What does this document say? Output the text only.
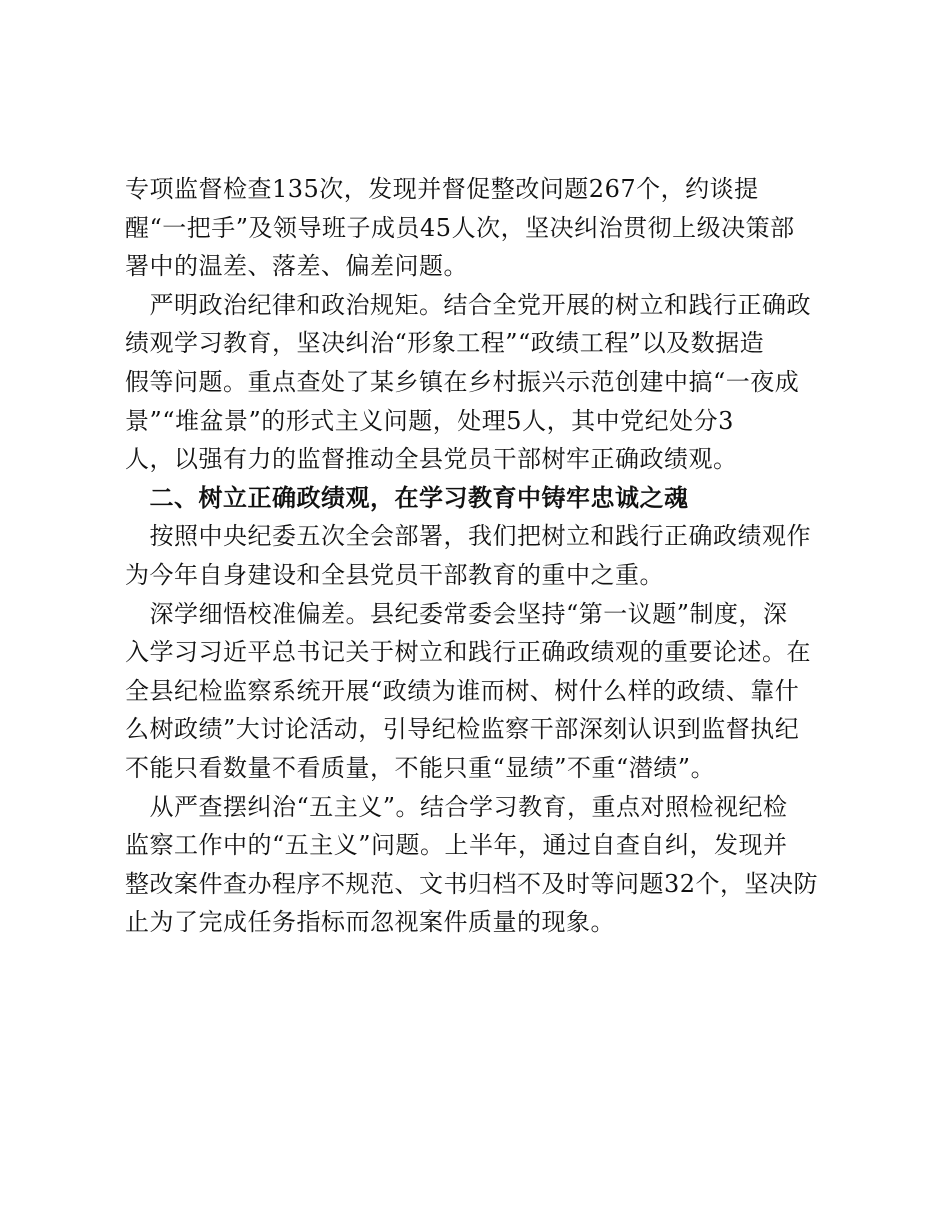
专项监督检查135次，发现并督促整改问题267个，约谈提
醒“一把手”及领导班子成员45人次，坚决纠治贯彻上级决策部
署中的温差、落差、偏差问题。
　严明政治纪律和政治规矩。结合全党开展的树立和践行正确政
绩观学习教育，坚决纠治“形象工程”“政绩工程”以及数据造
假等问题。重点查处了某乡镇在乡村振兴示范创建中搞“一夜成
景”“堆盆景”的形式主义问题，处理5人，其中党纪处分3
人，以强有力的监督推动全县党员干部树牢正确政绩观。
　二、树立正确政绩观，在学习教育中铸牢忠诚之魂
　按照中央纪委五次全会部署，我们把树立和践行正确政绩观作
为今年自身建设和全县党员干部教育的重中之重。
　深学细悟校准偏差。县纪委常委会坚持“第一议题”制度，深
入学习习近平总书记关于树立和践行正确政绩观的重要论述。在
全县纪检监察系统开展“政绩为谁而树、树什么样的政绩、靠什
么树政绩”大讨论活动，引导纪检监察干部深刻认识到监督执纪
不能只看数量不看质量，不能只重“显绩”不重“潜绩”。
　从严查摆纠治“五主义”。结合学习教育，重点对照检视纪检
监察工作中的“五主义”问题。上半年，通过自查自纠，发现并
整改案件查办程序不规范、文书归档不及时等问题32个，坚决防
止为了完成任务指标而忽视案件质量的现象。
